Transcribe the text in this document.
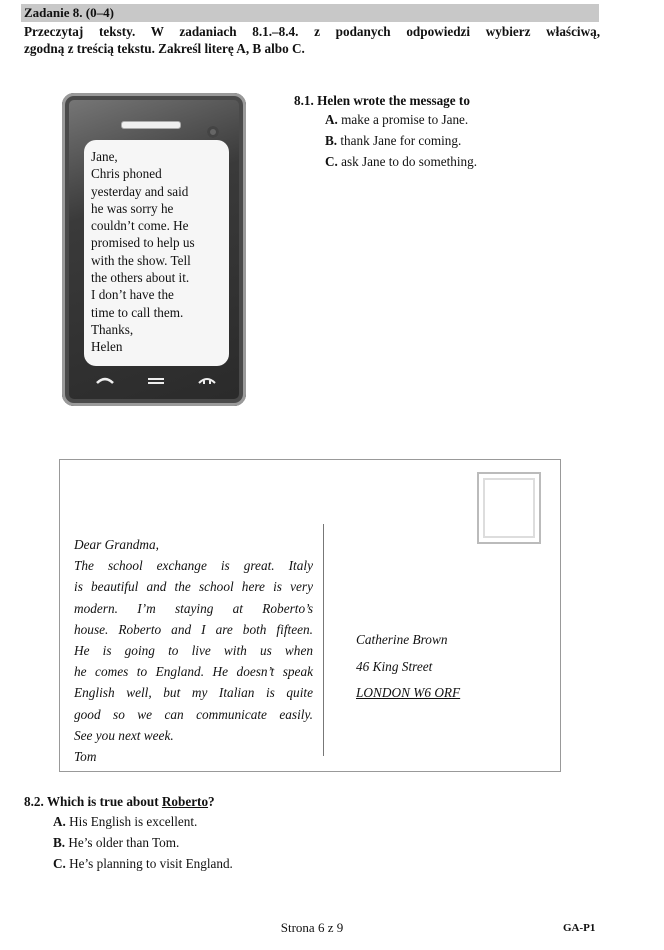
Zadanie 8. (0–4)
Przeczytaj teksty. W zadaniach 8.1.–8.4. z podanych odpowiedzi wybierz właściwą,
zgodną z treścią tekstu. Zakreśl literę A, B albo C.
Jane,
Chris phoned
yesterday and said
he was sorry he
couldn’t come. He
promised to help us
with the show. Tell
the others about it.
I don’t have the
time to call them.
Thanks,
Helen
8.1. Helen wrote the message to
A. make a promise to Jane.
B. thank Jane for coming.
C. ask Jane to do something.
Dear Grandma,
The school exchange is great. Italy
is beautiful and the school here is very
modern. I’m staying at Roberto’s
house. Roberto and I are both fifteen.
He is going to live with us when
he comes to England. He doesn’t speak
English well, but my Italian is quite
good so we can communicate easily.
See you next week.
Tom
Catherine Brown
46 King Street
LONDON W6 ORF
8.2. Which is true about Roberto?
A. His English is excellent.
B. He’s older than Tom.
C. He’s planning to visit England.
Strona 6 z 9	GA-P1
